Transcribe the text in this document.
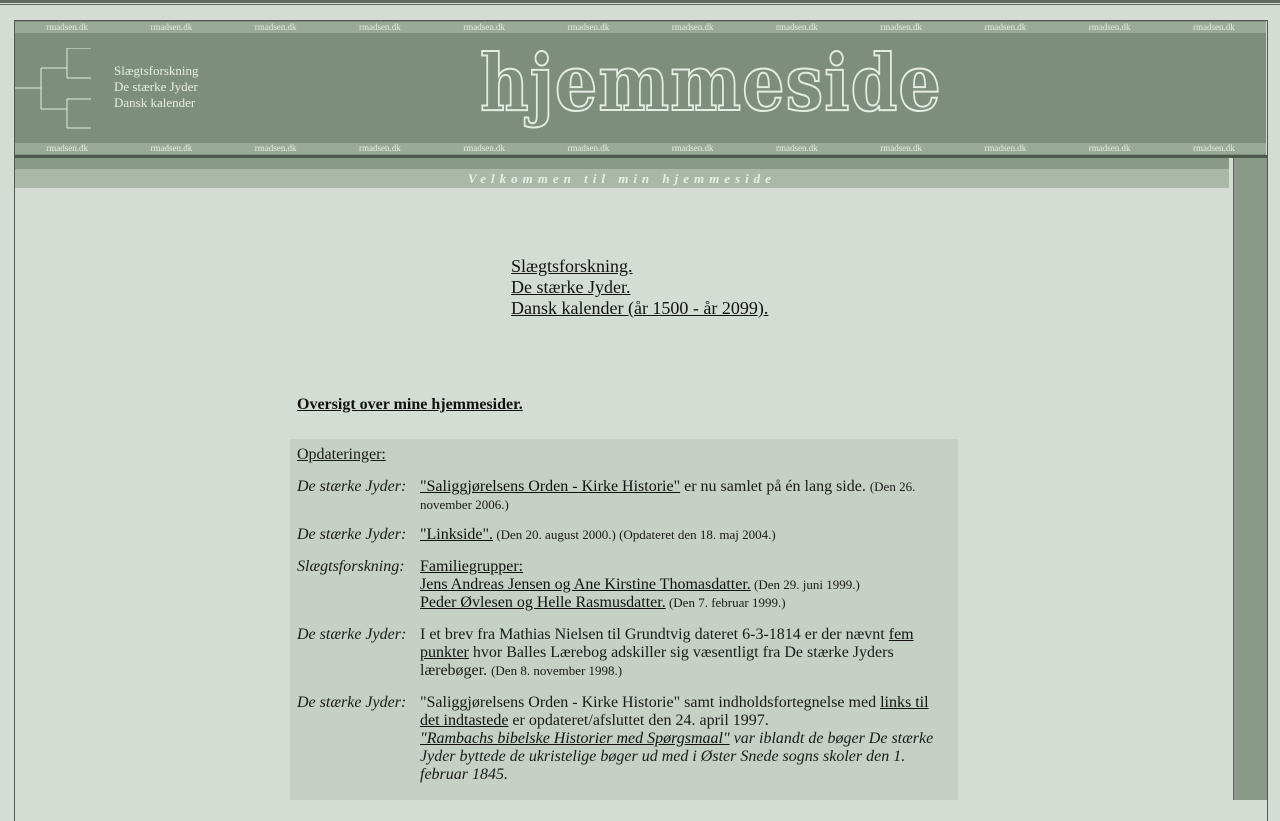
rmadsen.dk	rmadsen.dk	rmadsen.dk	rmadsen.dk	rmadsen.dk	rmadsen.dk	rmadsen.dk	rmadsen.dk	rmadsen.dk	rmadsen.dk	rmadsen.dk	rmadsen.dk
Slægtsforskning
De stærke Jyder
Dansk kalender	hjemmeside
rmadsen.dk	rmadsen.dk	rmadsen.dk	rmadsen.dk	rmadsen.dk	rmadsen.dk	rmadsen.dk	rmadsen.dk	rmadsen.dk	rmadsen.dk	rmadsen.dk	rmadsen.dk
Velkommen til min hjemmeside
Slægtsforskning.
De stærke Jyder.
Dansk kalender (år 1500 - år 2099).
Oversigt over mine hjemmesider.
Opdateringer:
De stærke Jyder: "Saliggjørelsens Orden - Kirke Historie" er nu samlet på én lang side. (Den 26. november 2006.)
De stærke Jyder: "Linkside". (Den 20. august 2000.) (Opdateret den 18. maj 2004.)
Slægtsforskning: Familiegrupper:
Jens Andreas Jensen og Ane Kirstine Thomasdatter. (Den 29. juni 1999.)
Peder Øvlesen og Helle Rasmusdatter. (Den 7. februar 1999.)
De stærke Jyder: I et brev fra Mathias Nielsen til Grundtvig dateret 6-3-1814 er der nævnt fem punkter hvor Balles Lærebog adskiller sig væsentligt fra De stærke Jyders lærebøger. (Den 8. november 1998.)
De stærke Jyder: "Saliggjørelsens Orden - Kirke Historie" samt indholdsfortegnelse med links til det indtastede er opdateret/afsluttet den 24. april 1997.
"Rambachs bibelske Historier med Spørgsmaal" var iblandt de bøger De stærke Jyder byttede de ukristelige bøger ud med i Øster Snede sogns skoler den 1. februar 1845.
